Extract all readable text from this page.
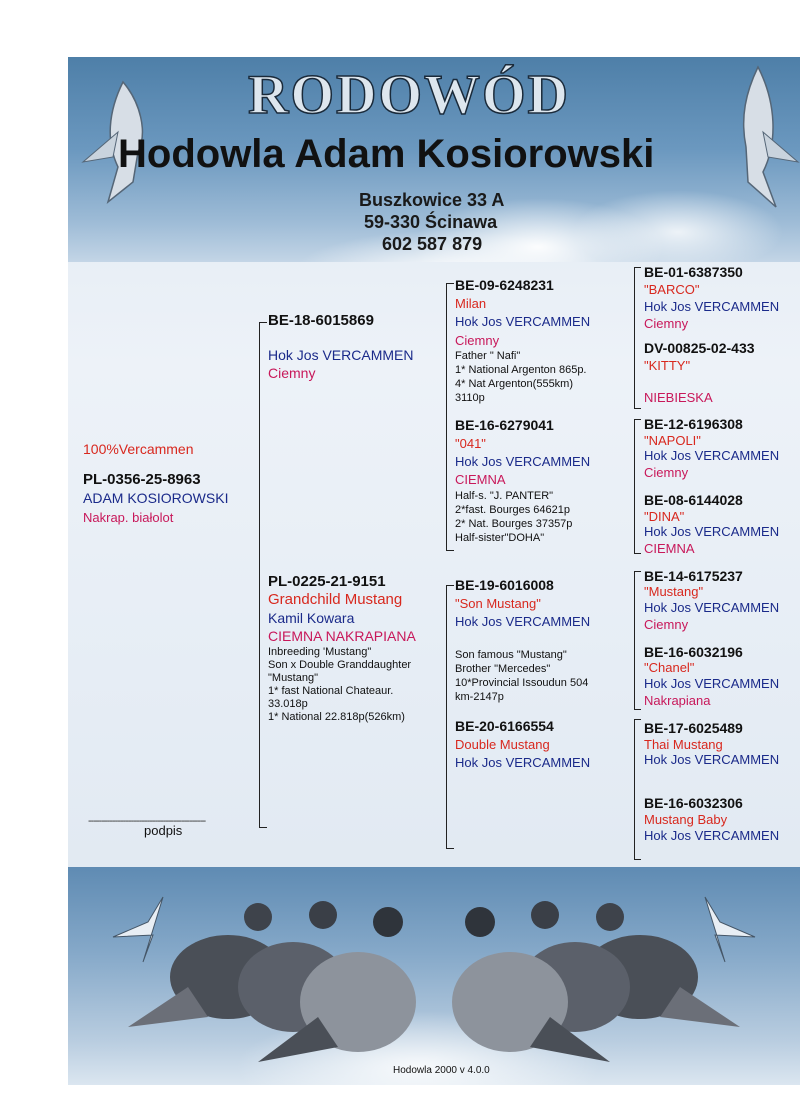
RODOWÓD
Hodowla Adam Kosiorowski
Buszkowice 33 A
59-330 Ścinawa
602 587 879
100%Vercammen
PL-0356-25-8963
ADAM KOSIOROWSKI
Nakrap. białolot
--------------------------------------------
podpis
BE-18-6015869
Hok Jos VERCAMMEN
Ciemny
PL-0225-21-9151
Grandchild Mustang
Kamil Kowara
CIEMNA NAKRAPIANA
Inbreeding 'Mustang"
Son x Double Granddaughter
"Mustang"
1* fast National Chateaur.
33.018p
1* National 22.818p(526km)
BE-09-6248231
Milan
Hok Jos VERCAMMEN
Ciemny
Father " Nafi"
1* National Argenton 865p.
4* Nat Argenton(555km)
3110p
BE-16-6279041
"041"
Hok Jos VERCAMMEN
CIEMNA
Half-s. "J. PANTER"
2*fast. Bourges 64621p
2* Nat. Bourges 37357p
Half-sister"DOHA"
BE-19-6016008
"Son Mustang"
Hok Jos VERCAMMEN
Son famous "Mustang"
Brother "Mercedes"
10*Provincial Issoudun 504
km-2147p
BE-20-6166554
Double Mustang
Hok Jos VERCAMMEN
BE-01-6387350
"BARCO"
Hok Jos VERCAMMEN
Ciemny
DV-00825-02-433
"KITTY"
NIEBIESKA
BE-12-6196308
"NAPOLI"
Hok Jos VERCAMMEN
Ciemny
BE-08-6144028
"DINA"
Hok Jos VERCAMMEN
CIEMNA
BE-14-6175237
"Mustang"
Hok Jos VERCAMMEN
Ciemny
BE-16-6032196
"Chanel"
Hok Jos VERCAMMEN
Nakrapiana
BE-17-6025489
Thai Mustang
Hok Jos VERCAMMEN
BE-16-6032306
Mustang Baby
Hok Jos VERCAMMEN
Hodowla 2000 v 4.0.0
